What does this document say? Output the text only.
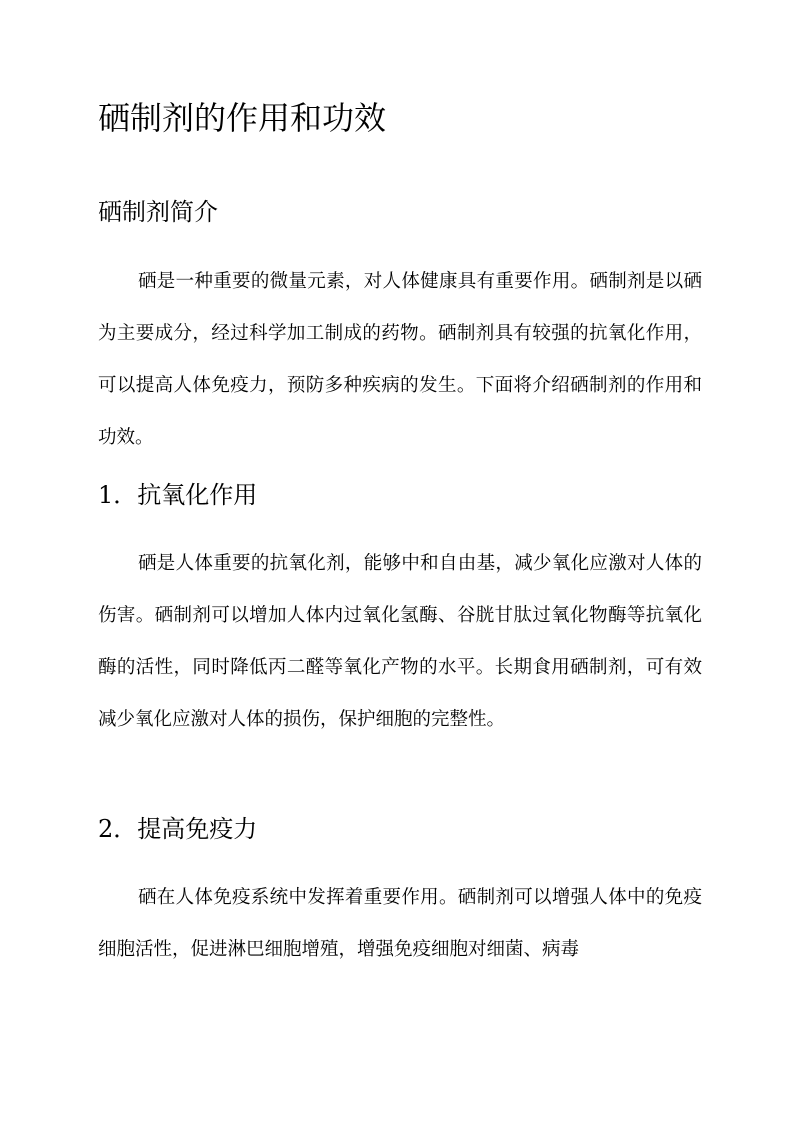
硒制剂的作用和功效
硒制剂简介

硒是一种重要的微量元素，对人体健康具有重要作用。硒制剂是以硒为主要成分，经过科学加工制成的药物。硒制剂具有较强的抗氧化作用，可以提高人体免疫力，预防多种疾病的发生。下面将介绍硒制剂的作用和功效。

1．抗氧化作用

硒是人体重要的抗氧化剂，能够中和自由基，减少氧化应激对人体的伤害。硒制剂可以增加人体内过氧化氢酶、谷胱甘肽过氧化物酶等抗氧化酶的活性，同时降低丙二醛等氧化产物的水平。长期食用硒制剂，可有效减少氧化应激对人体的损伤，保护细胞的完整性。

2．提高免疫力

硒在人体免疫系统中发挥着重要作用。硒制剂可以增强人体中的免疫细胞活性，促进淋巴细胞增殖，增强免疫细胞对细菌、病毒
